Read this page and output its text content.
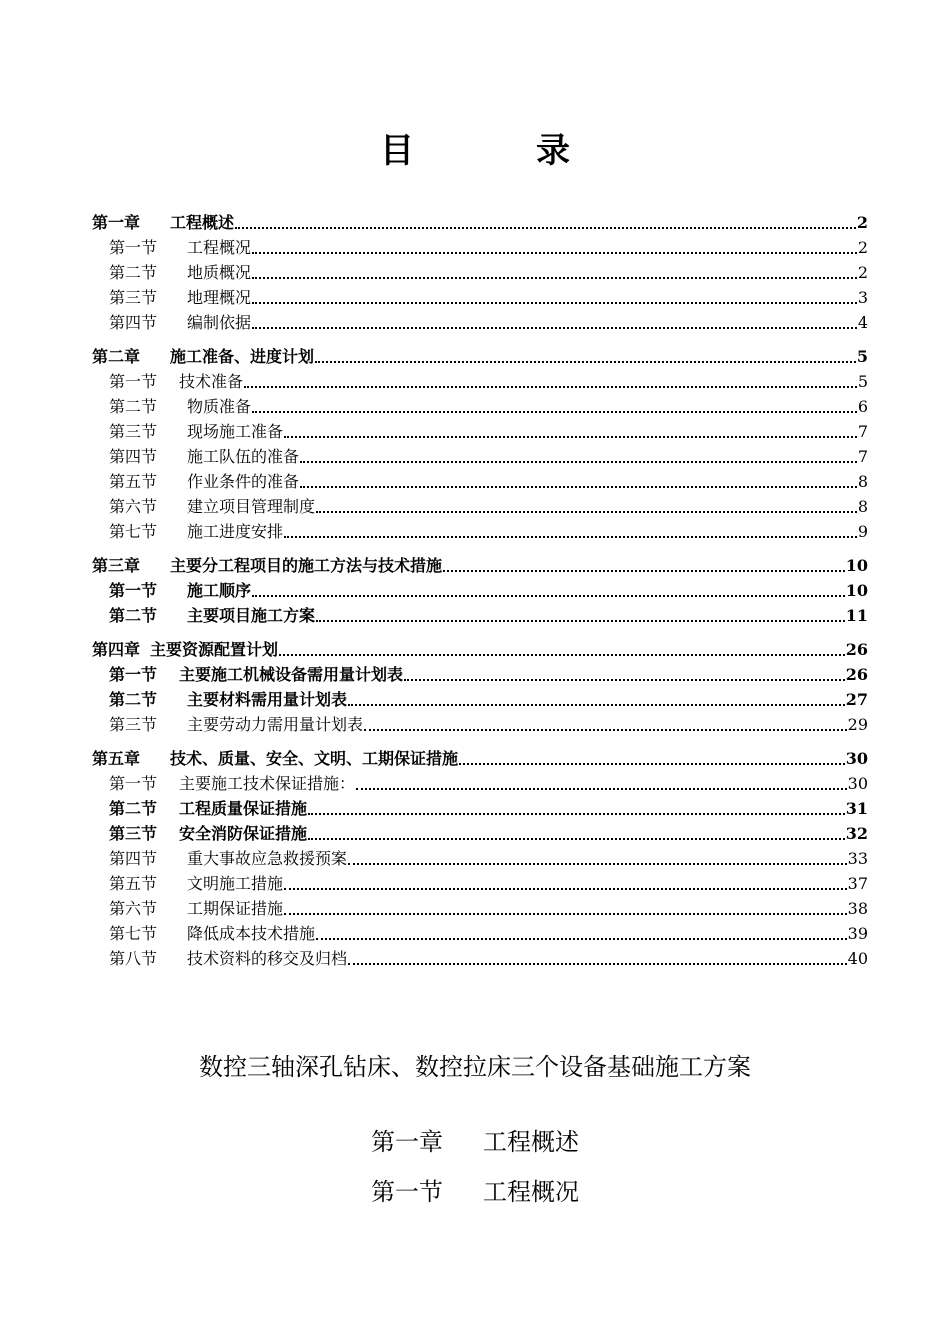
目　录
第一章 工程概述	2
第一节 工程概况	2
第二节 地质概况	2
第三节 地理概况	3
第四节 编制依据	4
第二章 施工准备、进度计划	5
第一节 技术准备	5
第二节 物质准备	6
第三节 现场施工准备	7
第四节 施工队伍的准备	7
第五节 作业条件的准备	8
第六节 建立项目管理制度	8
第七节 施工进度安排	9
第三章 主要分工程项目的施工方法与技术措施	10
第一节 施工顺序	10
第二节 主要项目施工方案	11
第四章 主要资源配置计划	26
第一节 主要施工机械设备需用量计划表	26
第二节 主要材料需用量计划表	27
第三节 主要劳动力需用量计划表	29
第五章 技术、质量、安全、文明、工期保证措施	30
第一节 主要施工技术保证措施：	30
第二节 工程质量保证措施	31
第三节 安全消防保证措施	32
第四节 重大事故应急救援预案	33
第五节 文明施工措施	37
第六节 工期保证措施	38
第七节 降低成本技术措施	39
第八节 技术资料的移交及归档	40
数控三轴深孔钻床、数控拉床三个设备基础施工方案
第一章 工程概述
第一节 工程概况
